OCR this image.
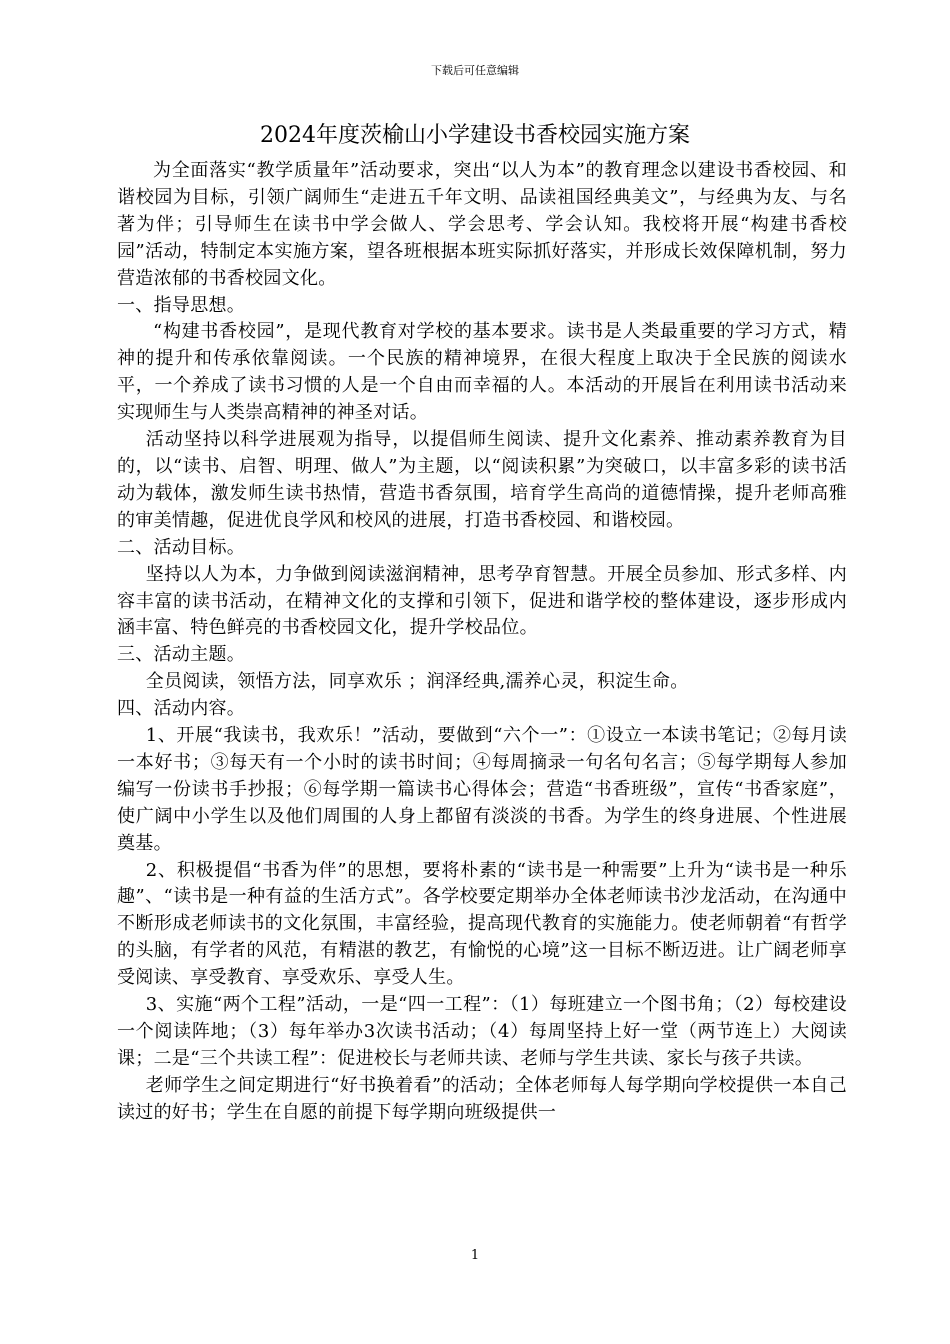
下载后可任意编辑
2024年度茨榆山小学建设书香校园实施方案

为全面落实“教学质量年”活动要求，突出“以人为本”的教育理念以建设书香校园、和谐校园为目标，引领广阔师生“走进五千年文明、品读祖国经典美文”，与经典为友、与名著为伴；引导师生在读书中学会做人、学会思考、学会认知。我校将开展“构建书香校园”活动，特制定本实施方案，望各班根据本班实际抓好落实，并形成长效保障机制，努力营造浓郁的书香校园文化。

一、指导思想。

“构建书香校园”，是现代教育对学校的基本要求。读书是人类最重要的学习方式，精神的提升和传承依靠阅读。一个民族的精神境界，在很大程度上取决于全民族的阅读水平，一个养成了读书习惯的人是一个自由而幸福的人。本活动的开展旨在利用读书活动来实现师生与人类崇高精神的神圣对话。

活动坚持以科学进展观为指导，以提倡师生阅读、提升文化素养、推动素养教育为目的，以“读书、启智、明理、做人”为主题，以“阅读积累”为突破口，以丰富多彩的读书活动为载体，激发师生读书热情，营造书香氛围，培育学生高尚的道德情操，提升老师高雅的审美情趣，促进优良学风和校风的进展，打造书香校园、和谐校园。

二、活动目标。

坚持以人为本，力争做到阅读滋润精神，思考孕育智慧。开展全员参加、形式多样、内容丰富的读书活动，在精神文化的支撑和引领下，促进和谐学校的整体建设，逐步形成内涵丰富、特色鲜亮的书香校园文化，提升学校品位。

三、活动主题。

全员阅读，领悟方法，同享欢乐 ；润泽经典,濡养心灵，积淀生命。

四、活动内容。

1、开展“我读书，我欢乐！”活动，要做到“六个一”：①设立一本读书笔记；②每月读一本好书；③每天有一个小时的读书时间；④每周摘录一句名句名言；⑤每学期每人参加编写一份读书手抄报；⑥每学期一篇读书心得体会；营造“书香班级”，宣传“书香家庭”，使广阔中小学生以及他们周围的人身上都留有淡淡的书香。为学生的终身进展、个性进展奠基。

2、积极提倡“书香为伴”的思想，要将朴素的“读书是一种需要”上升为“读书是一种乐趣”、“读书是一种有益的生活方式”。各学校要定期举办全体老师读书沙龙活动，在沟通中不断形成老师读书的文化氛围，丰富经验，提高现代教育的实施能力。使老师朝着“有哲学的头脑，有学者的风范，有精湛的教艺，有愉悦的心境”这一目标不断迈进。让广阔老师享受阅读、享受教育、享受欢乐、享受人生。

3、实施“两个工程”活动，一是“四一工程”：（1）每班建立一个图书角；（2）每校建设一个阅读阵地；（3）每年举办3次读书活动；（4）每周坚持上好一堂（两节连上）大阅读课；二是“三个共读工程”：促进校长与老师共读、老师与学生共读、家长与孩子共读。

老师学生之间定期进行“好书换着看”的活动；全体老师每人每学期向学校提供一本自己读过的好书；学生在自愿的前提下每学期向班级提供一

1
